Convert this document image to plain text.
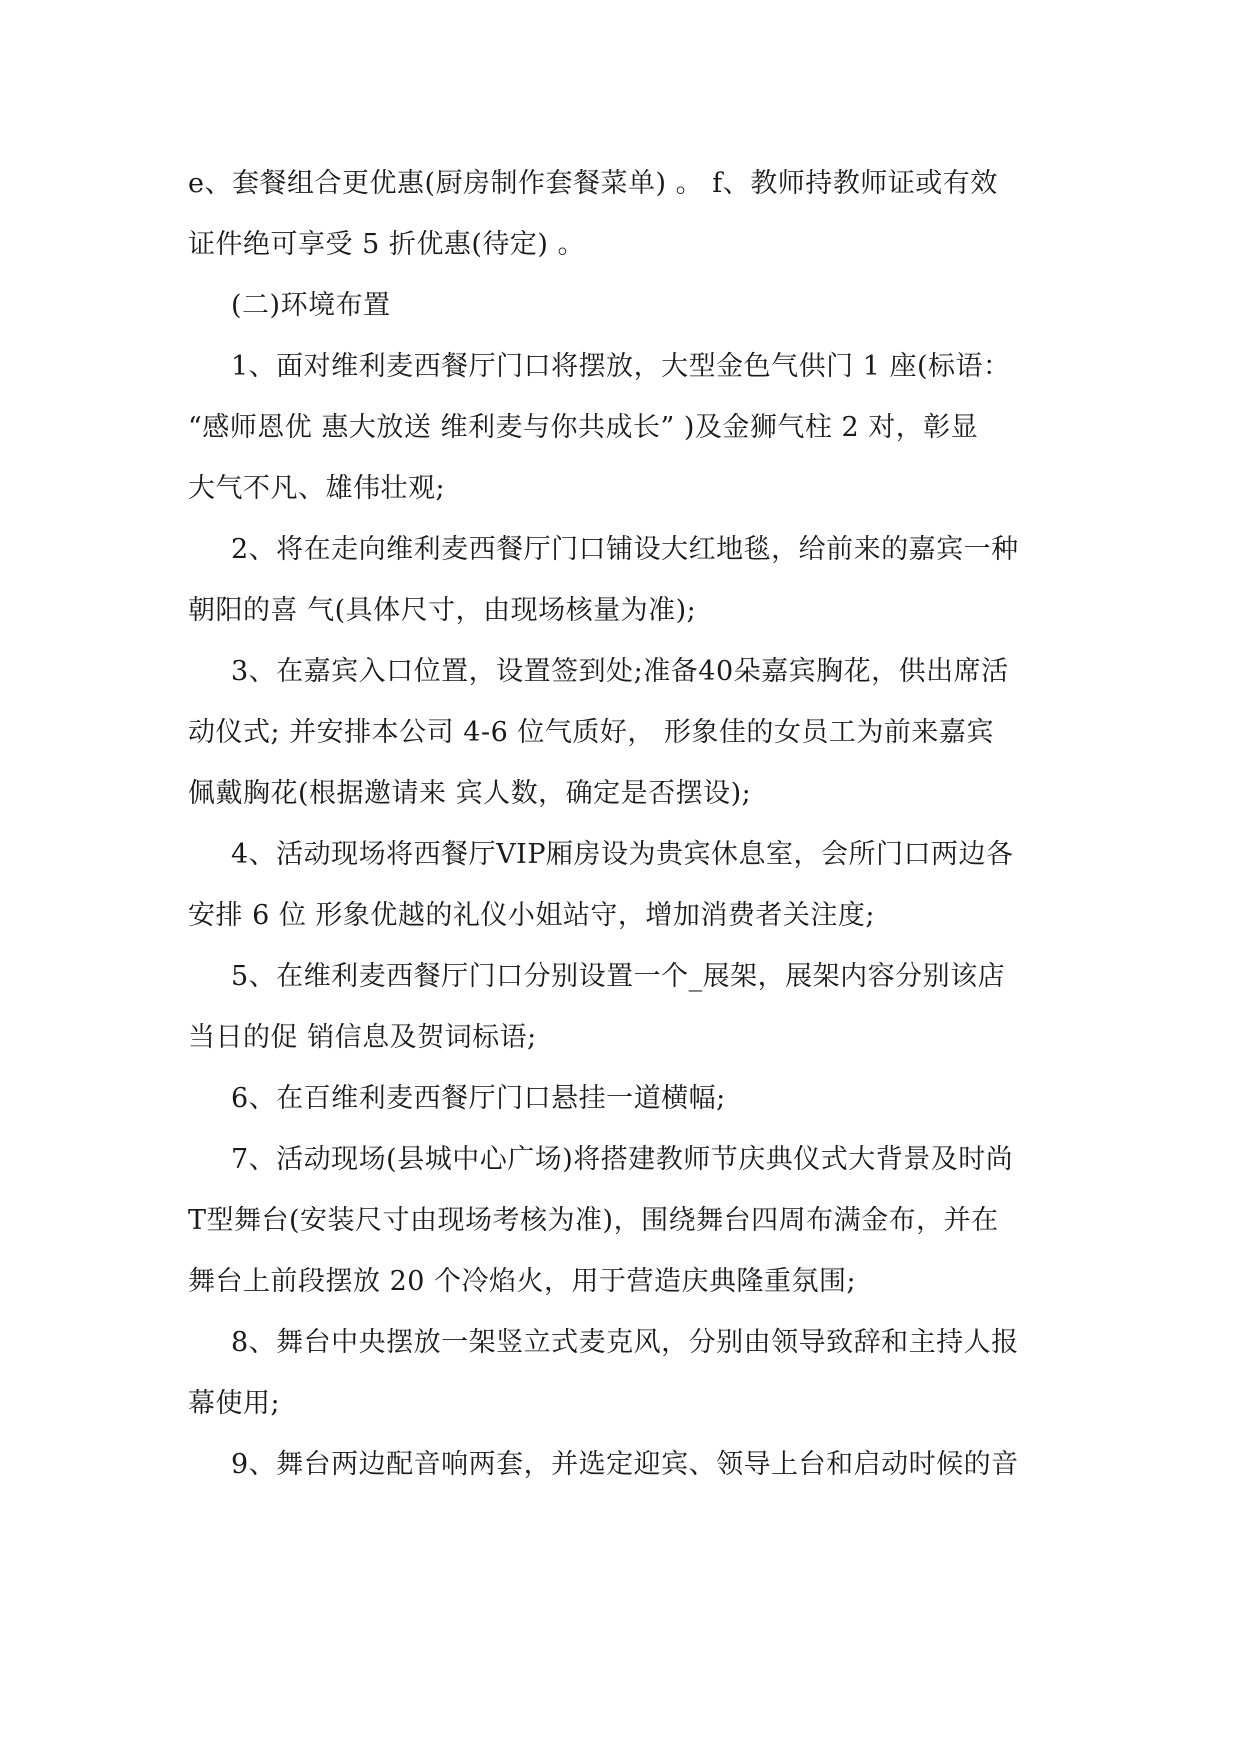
e、套餐组合更优惠(厨房制作套餐菜单) 。 f、教师持教师证或有效
证件绝可享受 5 折优惠(待定) 。
(二)环境布置
1、面对维利麦西餐厅门口将摆放，大型金色气供门 1 座(标语：
“感师恩优 惠大放送 维利麦与你共成长” )及金狮气柱 2 对，彰显
大气不凡、雄伟壮观;
2、将在走向维利麦西餐厅门口铺设大红地毯，给前来的嘉宾一种
朝阳的喜 气(具体尺寸，由现场核量为准);
3、在嘉宾入口位置，设置签到处;准备40朵嘉宾胸花，供出席活
动仪式; 并安排本公司 4-6 位气质好， 形象佳的女员工为前来嘉宾
佩戴胸花(根据邀请来 宾人数，确定是否摆设);
4、活动现场将西餐厅VIP厢房设为贵宾休息室，会所门口两边各
安排 6 位 形象优越的礼仪小姐站守，增加消费者关注度;
5、在维利麦西餐厅门口分别设置一个_展架，展架内容分别该店
当日的促 销信息及贺词标语;
6、在百维利麦西餐厅门口悬挂一道横幅;
7、活动现场(县城中心广场)将搭建教师节庆典仪式大背景及时尚
T型舞台(安装尺寸由现场考核为准)，围绕舞台四周布满金布，并在
舞台上前段摆放 20 个冷焰火，用于营造庆典隆重氛围;
8、舞台中央摆放一架竖立式麦克风，分别由领导致辞和主持人报
幕使用;
9、舞台两边配音响两套，并选定迎宾、领导上台和启动时候的音
